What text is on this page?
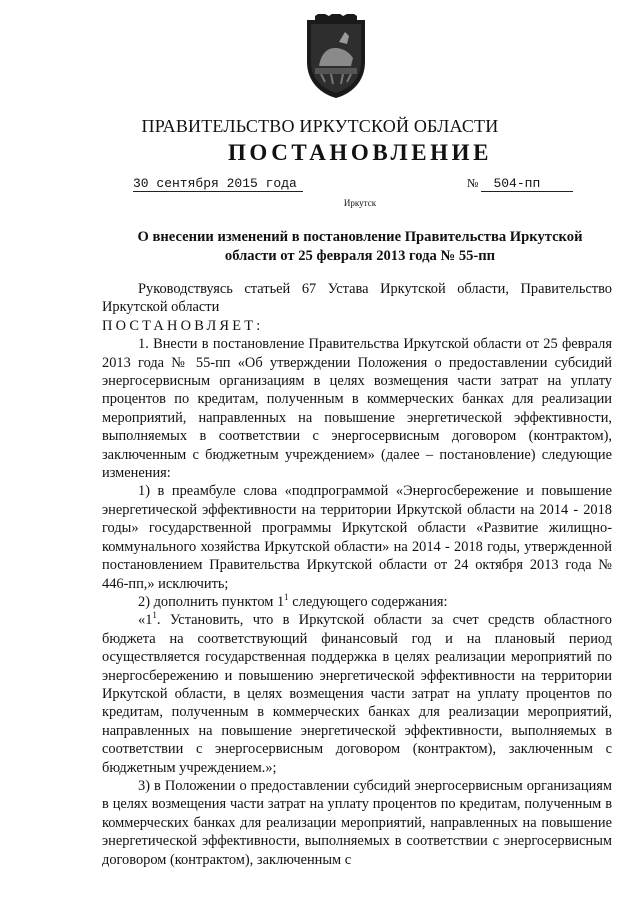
ПРАВИТЕЛЬСТВО ИРКУТСКОЙ ОБЛАСТИ
ПОСТАНОВЛЕНИЕ
30 сентября 2015 года	№ 504-пп
Иркутск
О внесении изменений в постановление Правительства Иркутской области от 25 февраля 2013 года № 55-пп

Руководствуясь статьей 67 Устава Иркутской области, Правительство Иркутской области

ПОСТАНОВЛЯЕТ:

1. Внести в постановление Правительства Иркутской области от 25 февраля 2013 года № 55-пп «Об утверждении Положения о предоставлении субсидий энергосервисным организациям в целях возмещения части затрат на уплату процентов по кредитам, полученным в коммерческих банках для реализации мероприятий, направленных на повышение энергетической эффективности, выполняемых в соответствии с энергосервисным договором (контрактом), заключенным с бюджетным учреждением» (далее – постановление) следующие изменения:

1) в преамбуле слова «подпрограммой «Энергосбережение и повышение энергетической эффективности на территории Иркутской области на 2014 - 2018 годы» государственной программы Иркутской области «Развитие жилищно-коммунального хозяйства Иркутской области» на 2014 - 2018 годы, утвержденной постановлением Правительства Иркутской области от 24 октября 2013 года № 446-пп,» исключить;

2) дополнить пунктом $1^1$ следующего содержания:

«$1^1$. Установить, что в Иркутской области за счет средств областного бюджета на соответствующий финансовый год и на плановый период осуществляется государственная поддержка в целях реализации мероприятий по энергосбережению и повышению энергетической эффективности на территории Иркутской области, в целях возмещения части затрат на уплату процентов по кредитам, полученным в коммерческих банках для реализации мероприятий, направленных на повышение энергетической эффективности, выполняемых в соответствии с энергосервисным договором (контрактом), заключенным с бюджетным учреждением.»;

3) в Положении о предоставлении субсидий энергосервисным организациям в целях возмещения части затрат на уплату процентов по кредитам, полученным в коммерческих банках для реализации мероприятий, направленных на повышение энергетической эффективности, выполняемых в соответствии с энергосервисным договором (контрактом), заключенным с
